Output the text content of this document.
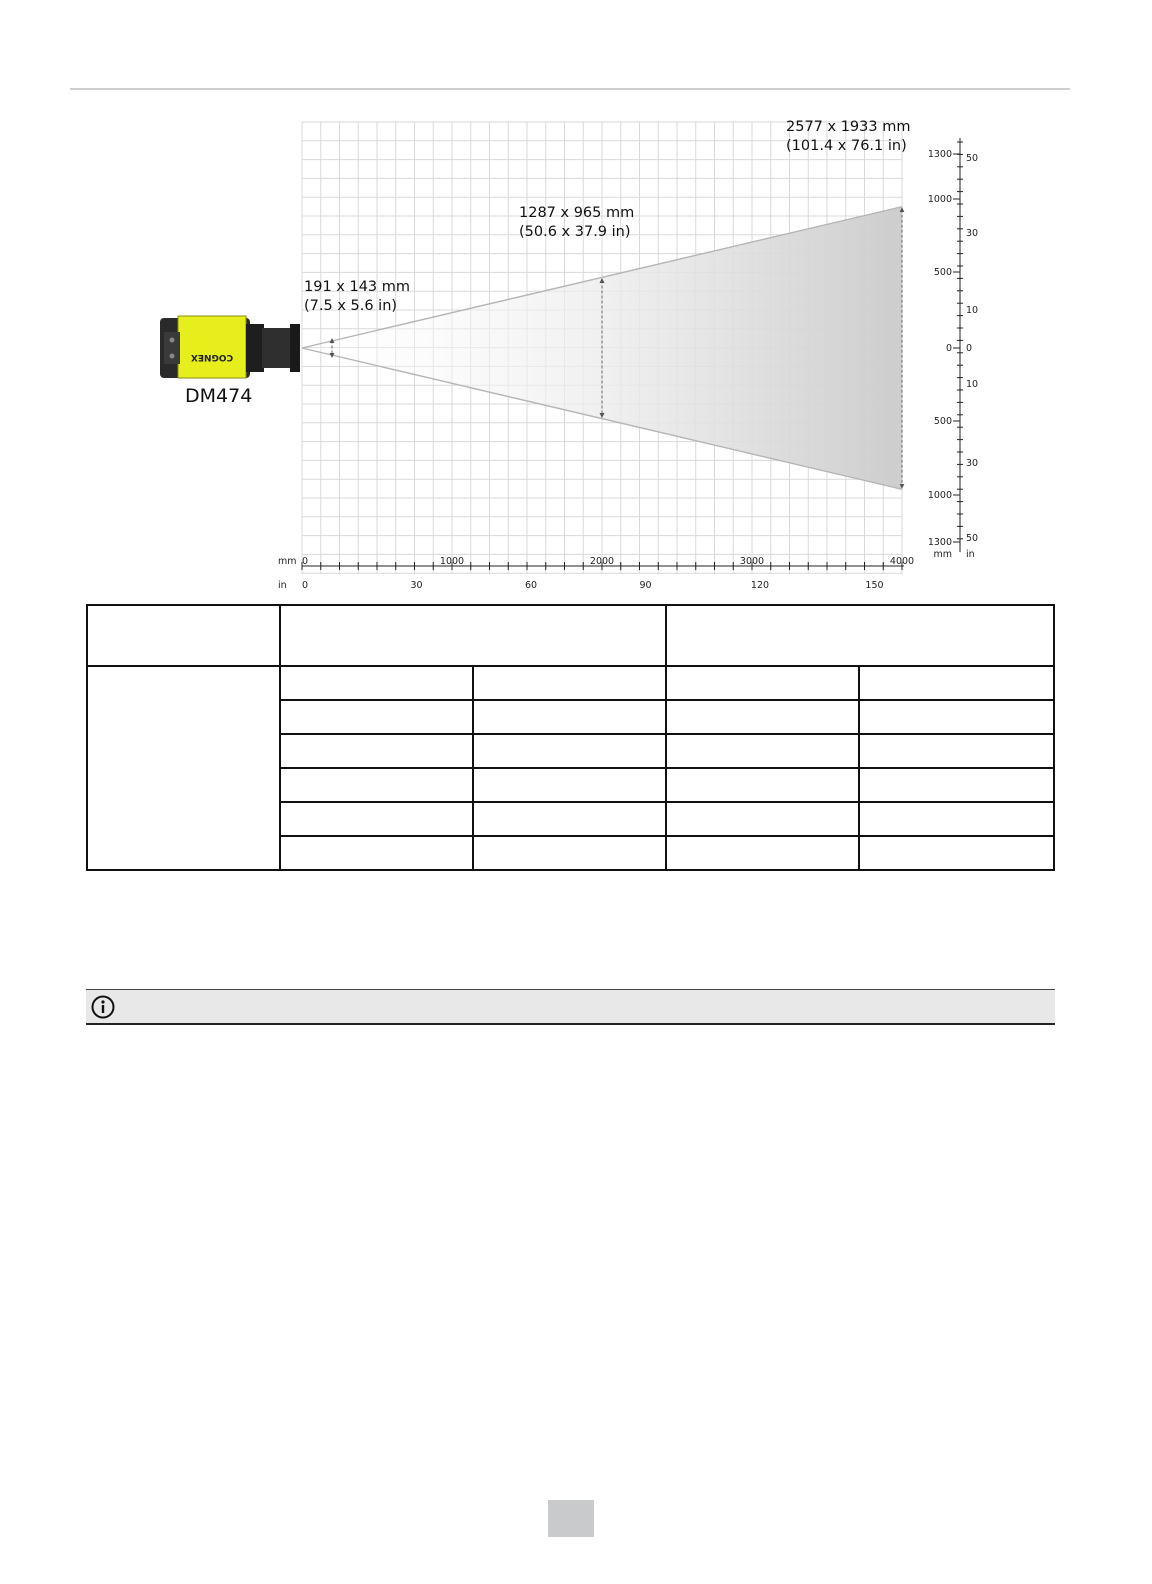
COGNEX
mm
in
0	1000	2000	3000	4000
0	30	60	90	120	150
1300
1000
500
0
500
1000
1300
50
30
10
0
10
30
50
mm in
DM474
191 x 143 mm
(7.5 x 5.6 in)
1287 x 965 mm
(50.6 x 37.9 in)
2577 x 1933 mm
(101.4 x 76.1 in)
